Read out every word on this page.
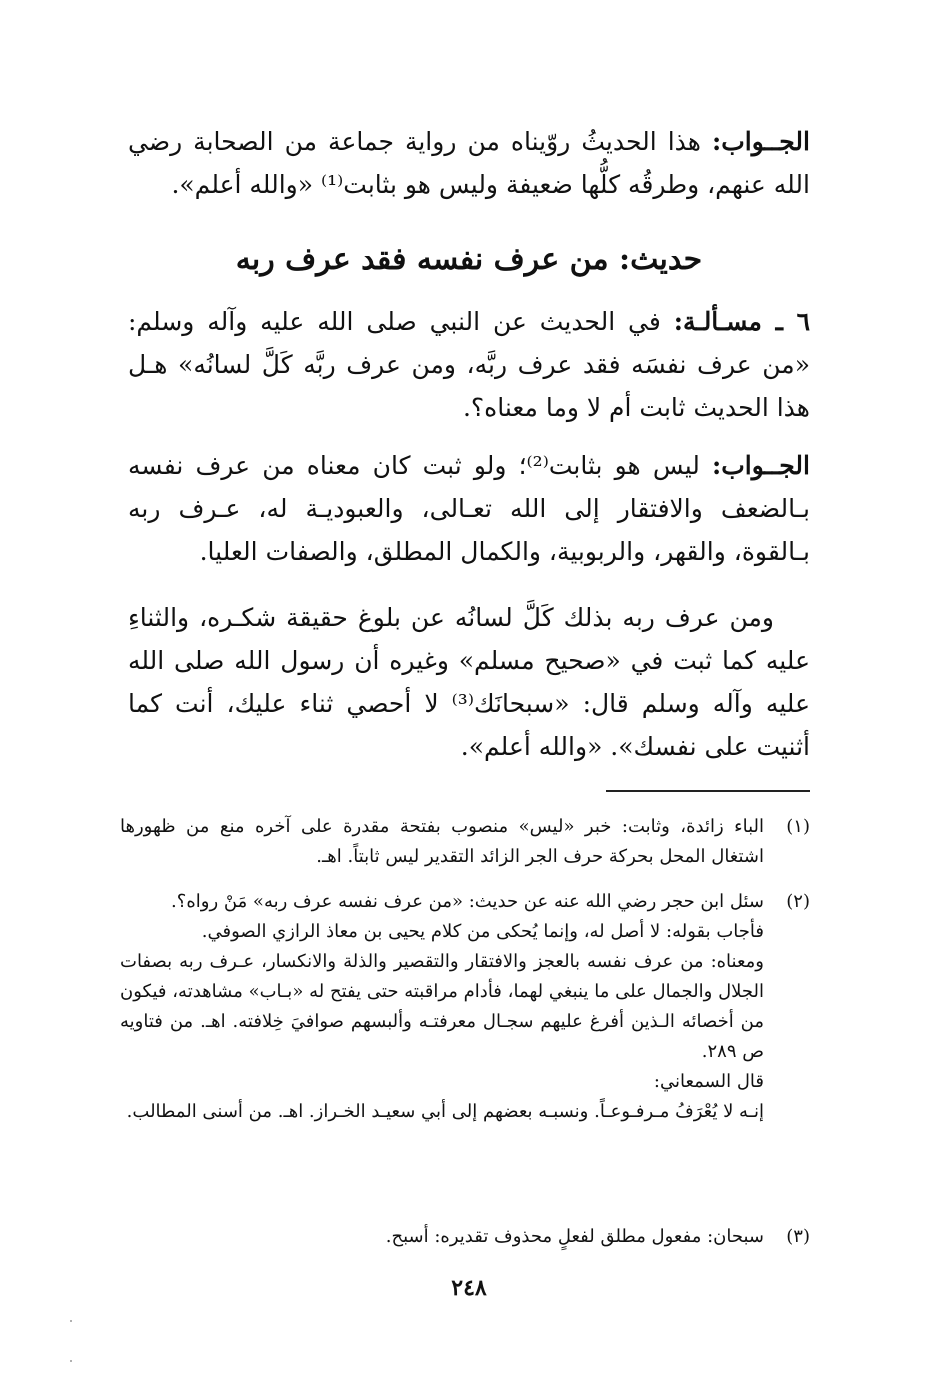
الجــواب: هذا الحديثُ روّيناه من رواية جماعة من الصحابة رضي الله عنهم، وطرقُه كلُّها ضعيفة وليس هو بثابت⁽¹⁾ «والله أعلم».
حديث: من عرف نفسه فقد عرف ربه
٦ ـ مسـألـة: في الحديث عن النبي صلى الله عليه وآله وسلم: «من عرف نفسَه فقد عرف ربَّه، ومن عرف ربَّه كَلَّ لسانُه» هـل هذا الحديث ثابت أم لا وما معناه؟.
الجــواب: ليس هو بثابت⁽²⁾؛ ولو ثبت كان معناه من عرف نفسه بـالضعف والافتقار إلى الله تعـالى، والعبوديـة له، عـرف ربه بـالقوة، والقهر، والربوبية، والكمال المطلق، والصفات العليا.
ومن عرف ربه بذلك كَلَّ لسانُه عن بلوغ حقيقة شكـره، والثناءِ عليه كما ثبت في «صحيح مسلم» وغيره أن رسول الله صلى الله عليه وآله وسلم قال: «سبحانَك⁽³⁾ لا أحصي ثناء عليك، أنت كما أثنيت على نفسك». «والله أعلم».
(١)
الباء زائدة، وثابت: خبر «ليس» منصوب بفتحة مقدرة على آخره منع من ظهورها اشتغال المحل بحركة حرف الجر الزائد التقدير ليس ثابتاً. اهـ.
(٢)
سئل ابن حجر رضي الله عنه عن حديث: «من عرف نفسه عرف ربه» مَنْ رواه؟.
فأجاب بقوله: لا أصل له، وإنما يُحكى من كلام يحيى بن معاذ الرازي الصوفي.
ومعناه: من عرف نفسه بالعجز والافتقار والتقصير والذلة والانكسار، عـرف ربه بصفات الجلال والجمال على ما ينبغي لهما، فأدام مراقبته حتى يفتح له «بـاب» مشاهدته، فيكون من أخصائه الـذين أفرغ عليهم سجـال معرفتـه وألبسهم صوافيَ خِلافته. اهـ. من فتاويه ص ٢٨٩.
قال السمعاني:
إنـه لا يُعْرَفُ مـرفـوعـاً. ونسبـه بعضهم إلى أبي سعيـد الخـراز. اهـ. من أسنى المطالب.
(٣)
سبحان: مفعول مطلق لفعلٍ محذوف تقديره: أسبح.
٢٤٨
